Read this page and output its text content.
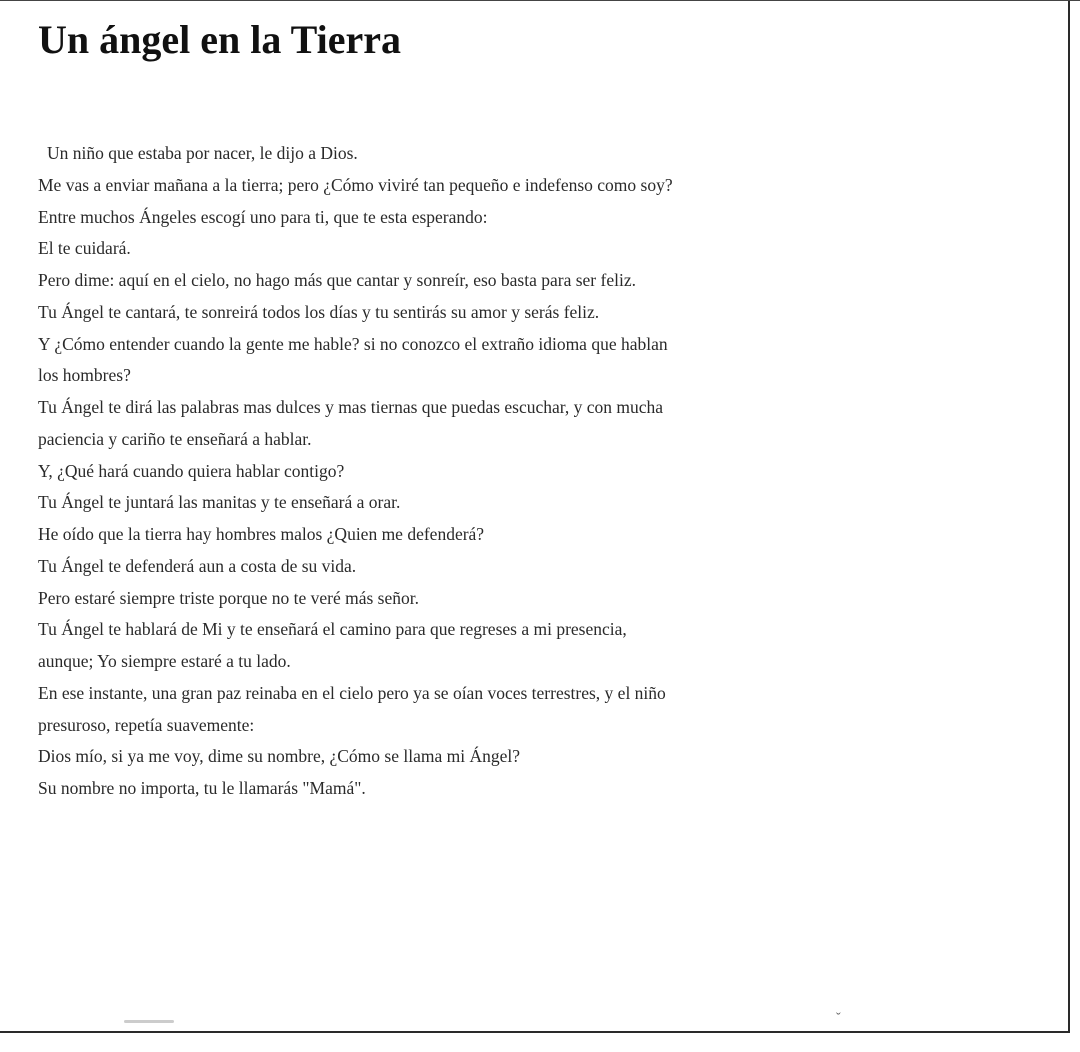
Un ángel en la Tierra
Un niño que estaba por nacer, le dijo a Dios.
Me vas a enviar mañana a la tierra; pero ¿Cómo viviré tan pequeño e indefenso como soy?
Entre muchos Ángeles escogí uno para ti, que te esta esperando:
El te cuidará.
Pero dime: aquí en el cielo, no hago más que cantar y sonreír, eso basta para ser feliz.
Tu Ángel te cantará, te sonreirá todos los días y tu sentirás su amor y serás feliz.
Y ¿Cómo entender cuando la gente me hable? si no conozco el extraño idioma que hablan
los hombres?
Tu Ángel te dirá las palabras mas dulces y mas tiernas que puedas escuchar, y con mucha
paciencia y cariño te enseñará a hablar.
Y, ¿Qué hará cuando quiera hablar contigo?
Tu Ángel te juntará las manitas y te enseñará a orar.
He oído que la tierra hay hombres malos ¿Quien me defenderá?
Tu Ángel te defenderá aun a costa de su vida.
Pero estaré siempre triste porque no te veré más señor.
Tu Ángel te hablará de Mi y te enseñará el camino para que regreses a mi presencia,
aunque; Yo siempre estaré a tu lado.
En ese instante, una gran paz reinaba en el cielo pero ya se oían voces terrestres, y el niño
presuroso, repetía suavemente:
Dios mío, si ya me voy, dime su nombre, ¿Cómo se llama mi Ángel?
Su nombre no importa, tu le llamarás "Mamá".
ˇ
